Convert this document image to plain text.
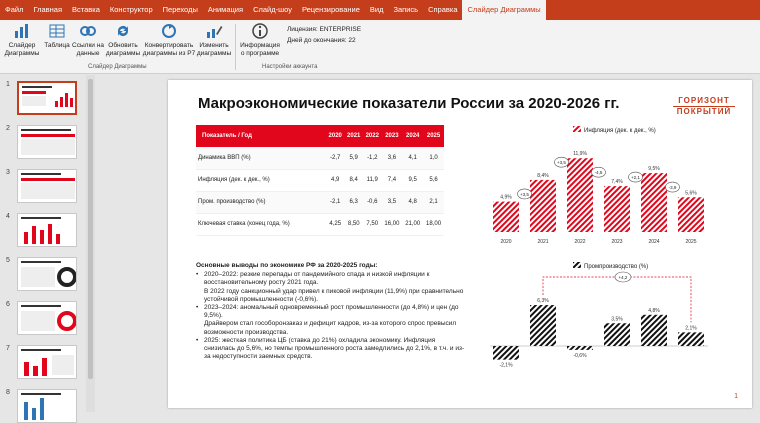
Файл	Главная	Вставка	Конструктор	Переходы	Анимация	Слайд-шоу	Рецензирование	Вид	Запись	Справка	Слайдер Диаграммы
Слайдер Диаграммы
Таблица Ссылки на данные
Обновить диаграммы
Конвертировать диаграммы из P7
Изменить диаграммы
Информация о программе
Лицензия: ENTERPRISE
Дней до окончания: 22
Слайдер Диаграммы	Настройки аккаунта
1
2
3
4
5
6
7
8
Макроэкономические показатели России за 2020-2026 гг.	ГОРИЗОНТ
ПОКРЫТИЙ
Показатель / Год	2020	2021	2022	2023	2024	2025
Динамика ВВП (%)	-2,7	5,9	-1,2	3,6	4,1	1,0
Инфляция (дек. к дек., %)	4,9	8,4	11,9	7,4	9,5	5,6
Пром. производство (%)	-2,1	6,3	-0,6	3,5	4,8	2,1
Ключевая ставка (конец года, %)	4,25	8,50	7,50	16,00	21,00	18,00
Основные выводы по экономике РФ за 2020-2025 годы:
• 2020–2022: резкие перепады от пандемийного спада и низкой инфляции к восстановительному росту 2021 года.
В 2022 году санкционный удар привел к пиковой инфляции (11,9%) при сравнительно устойчивой промышленности (-0,6%).
• 2023–2024: аномальный одновременный рост промышленности (до 4,8%) и цен (до 9,5%).
Драйвером стал гособоронзаказ и дефицит кадров, из-за которого спрос превысил возможности производства.
• 2025: жесткая политика ЦБ (ставка до 21%) охладила экономику. Инфляция снизилась до 5,6%, но темпы промышленного роста замедлились до 2,1%, в т.ч. и из-за недоступности заемных средств.
Инфляция (дек. к дек., %)
4,9%
2020
8,4%
2021
11,9%
2022
7,4%
2023
9,5%
2024
5,6%
2025
+3,5
+3,5
-4,5
+2,1
-3,9
Промпроизводство (%)
-2,1%
6,3%
-0,6%
3,5%
4,8%
2,1%
+4,2
1
